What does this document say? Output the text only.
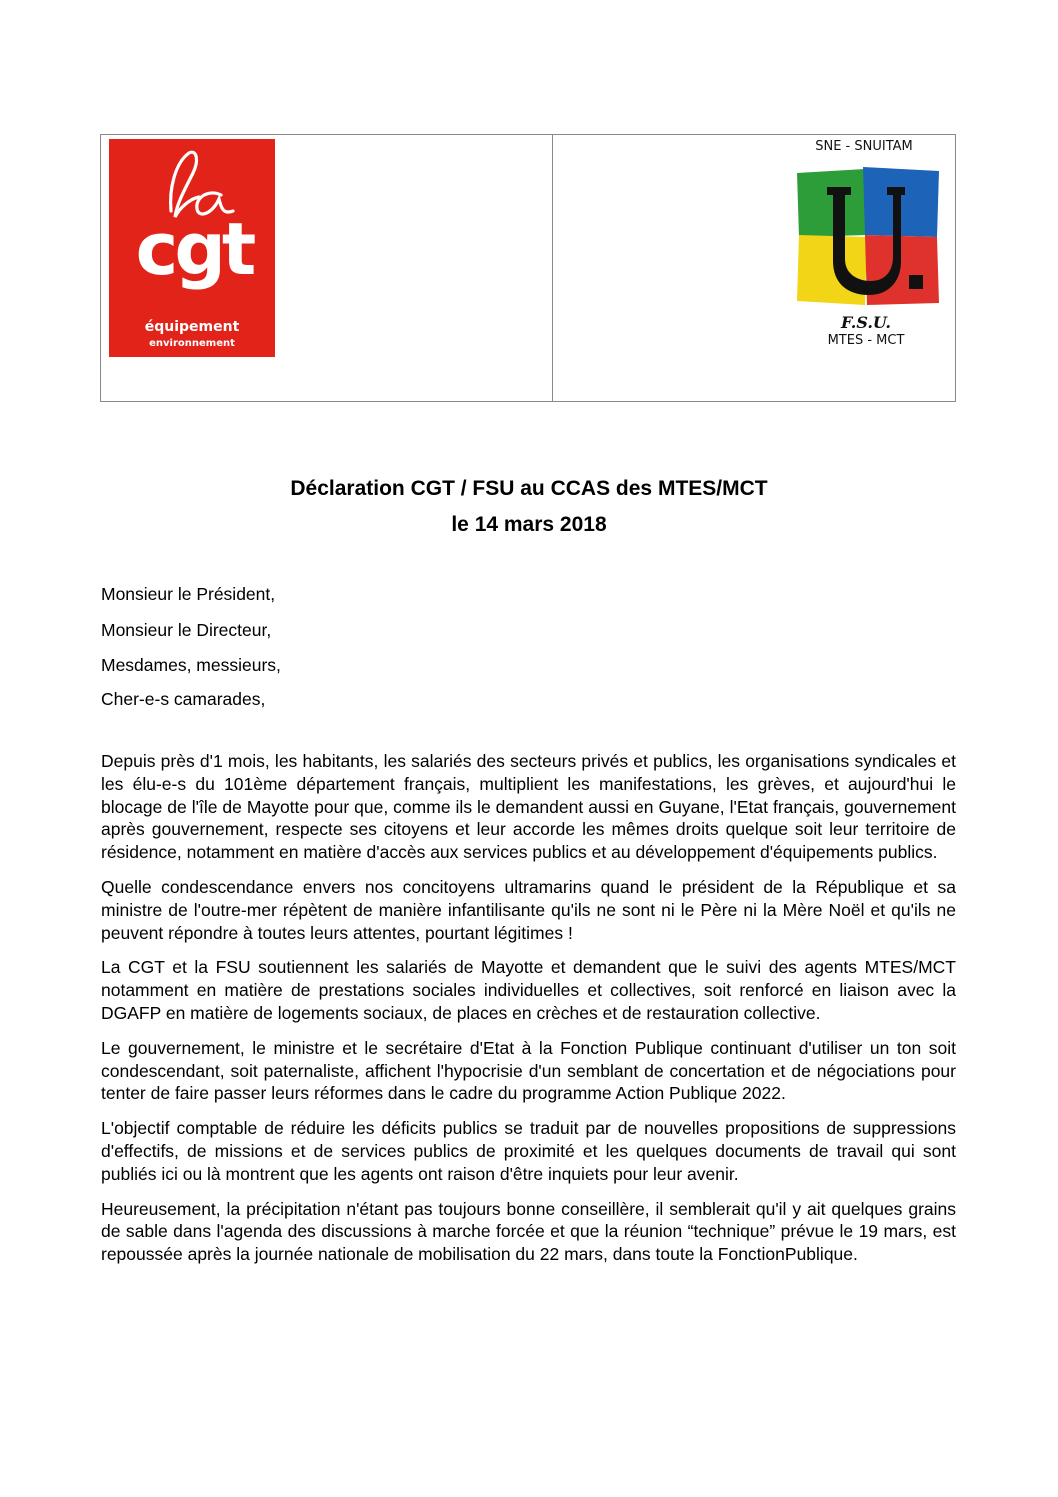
cgt
équipement
environnement
SNE - SNUITAM
F.S.U.
MTES - MCT
Déclaration CGT / FSU au CCAS des MTES/MCT
le 14 mars 2018
Monsieur le Président,
Monsieur le Directeur,
Mesdames, messieurs,
Cher-e-s camarades,

Depuis près d'1 mois, les habitants, les salariés des secteurs privés et publics, les organisations syndicales et les élu-e-s du 101ème département français, multiplient les manifestations, les grèves, et aujourd'hui le blocage de l'île de Mayotte pour que, comme ils le demandent aussi en Guyane, l'Etat français, gouvernement après gouvernement, respecte ses citoyens et leur accorde les mêmes droits quelque soit leur territoire de résidence, notamment en matière d'accès aux services publics et au développement d'équipements publics.

Quelle condescendance envers nos concitoyens ultramarins quand le président de la République et sa ministre de l'outre-mer répètent de manière infantilisante qu'ils ne sont ni le Père ni la Mère Noël et qu'ils ne peuvent répondre à toutes leurs attentes, pourtant légitimes !

La CGT et la FSU soutiennent les salariés de Mayotte et demandent que le suivi des agents MTES/MCT notamment en matière de prestations sociales individuelles et collectives, soit renforcé en liaison avec la DGAFP en matière de logements sociaux, de places en crèches et de restauration collective.

Le gouvernement, le ministre et le secrétaire d'Etat à la Fonction Publique continuant d'utiliser un ton soit condescendant, soit paternaliste, affichent l'hypocrisie d'un semblant de concertation et de négociations pour tenter de faire passer leurs réformes dans le cadre du programme Action Publique 2022.

L'objectif comptable de réduire les déficits publics se traduit par de nouvelles propositions de suppressions d'effectifs, de missions et de services publics de proximité et les quelques documents de travail qui sont publiés ici ou là montrent que les agents ont raison d'être inquiets pour leur avenir.

Heureusement, la précipitation n'étant pas toujours bonne conseillère, il semblerait qu'il y ait quelques grains de sable dans l'agenda des discussions à marche forcée et que la réunion “technique” prévue le 19 mars, est repoussée après la journée nationale de mobilisation du 22 mars, dans toute la FonctionPublique.
